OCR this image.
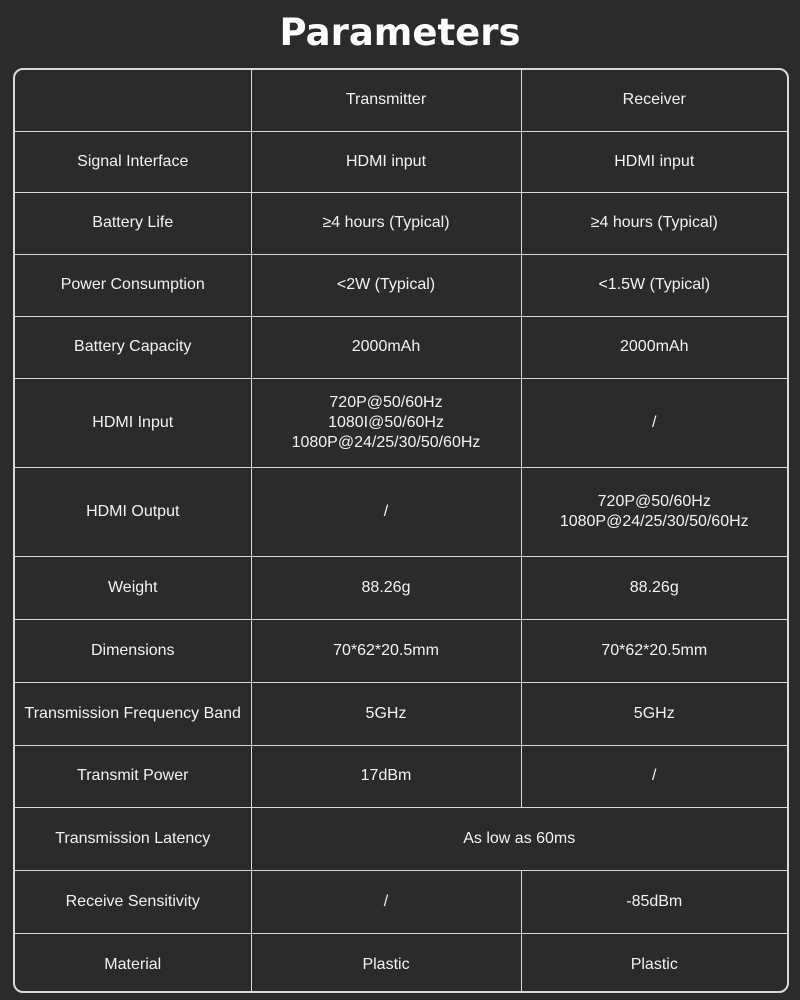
Parameters
	Transmitter	Receiver
Signal Interface	HDMI input	HDMI input

Battery Life	≥4 hours (Typical)	≥4 hours (Typical)

Power Consumption	<2W (Typical)	<1.5W (Typical)

Battery Capacity	2000mAh	2000mAh

HDMI Input	720P@50/60Hz
1080I@50/60Hz
1080P@24/25/30/50/60Hz	/

HDMI Output	/	720P@50/60Hz
1080P@24/25/30/50/60Hz

Weight	88.26g	88.26g

Dimensions	70*62*20.5mm	70*62*20.5mm

Transmission Frequency Band	5GHz	5GHz

Transmit Power	17dBm	/

Transmission Latency	As low as 60ms	
Receive Sensitivity	/	-85dBm

Material	Plastic	Plastic
